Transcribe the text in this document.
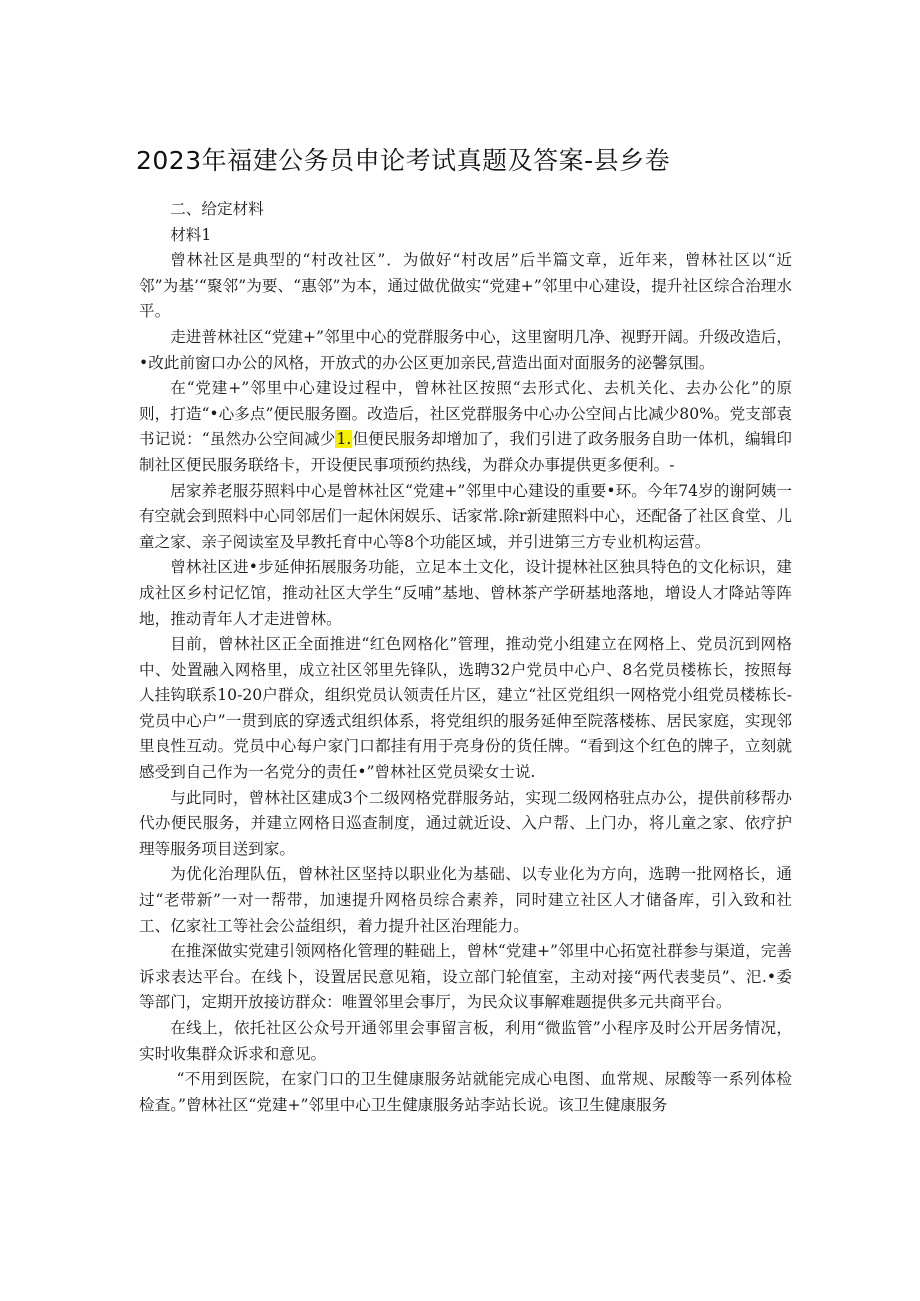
2023年福建公务员申论考试真题及答案-县乡卷

二、给定材料

材料1

曾林社区是典型的“村改社区”．为做好“村改居”后半篇文章，近年来，曾林社区以“近邻”为基’“聚邻”为要、“惠邻”为本，通过做优做实“党建+”邻里中心建设，提升社区综合治理水平。

走进普林社区“党建+”邻里中心的党群服务中心，这里窗明几净、视野开阔。升级改造后，•改此前窗口办公的风格，开放式的办公区更加亲民,营造出面对面服务的泌馨氛围。

在“党建+”邻里中心建设过程中，曾林社区按照“去形式化、去机关化、去办公化”的原则，打造“•心多点”便民服务圈。改造后，社区党群服务中心办公空间占比减少80%。党支部袁书记说：“虽然办公空间减少1.但便民服务却增加了，我们引进了政务服务自助一体机，编辑印制社区便民服务联络卡，开设便民事项预约热线，为群众办事提供更多便利。-

居家养老服芬照料中心是曾林社区“党建+”邻里中心建设的重要•环。今年74岁的谢阿姨一有空就会到照料中心同邻居们一起休闲娱乐、话家常.除r新建照料中心，还配备了社区食堂、儿童之家、亲子阅读室及早教托育中心等8个功能区域，并引进第三方专业机构运营。

曾林社区进•步延伸拓展服务功能，立足本土文化，设计提林社区独具特色的文化标识，建成社区乡村记忆馆，推动社区大学生“反哺”基地、曾林茶产学研基地落地，增设人才降站等阵地，推动青年人才走进曾林。

目前，曾林社区正全面推进“红色网格化”管理，推动党小组建立在网格上、党员沉到网格中、处置融入网格里，成立社区邻里先锋队，选聘32户党员中心户、8名党员楼栋长，按照每人挂钩联系10-20户群众，组织党员认领责任片区，建立“社区党组织一网格党小组党员楼栋长-党员中心户”一贯到底的穿透式组织体系，将党组织的服务延伸至院落楼栋、居民家庭，实现邻里良性互动。党员中心每户家门口都挂有用于亮身份的货任牌。“看到这个红色的牌子，立刻就感受到自己作为一名党分的责任•”曾林社区党员梁女士说.

与此同时，曾林社区建成3个二级网格党群服务站，实现二级网格驻点办公，提供前移帮办代办便民服务，并建立网格日巡查制度，通过就近设、入户帮、上门办，将儿童之家、依疗护理等服务项目送到家。

为优化治理队伍，曾林社区坚持以职业化为基础、以专业化为方向，选聘一批网格长，通过“老带新”一对一帮带，加速提升网格员综合素养，同时建立社区人才储备库，引入致和社工、亿家社工等社会公益组织，着力提升社区治理能力。

在推深做实党建引领网格化管理的鞋础上，曾林“党建+”邻里中心拓宽社群参与渠道，完善诉求表达平台。在线卜，设置居民意见箱，设立部门轮值室，主动对接“两代表斐员”、汜.•委等部门，定期开放接访群众：唯置邻里会事厅，为民众议事解难题提供多元共商平台。

在线上，依托社区公众号开通邻里会事留言板，利用“微监管”小程序及时公开居务情况，实时收集群众诉求和意见。

“不用到医院，在家门口的卫生健康服务站就能完成心电图、血常规、尿酸等一系列体检检查。”曾林社区“党建+”邻里中心卫生健康服务站李站长说。该卫生健康服务
